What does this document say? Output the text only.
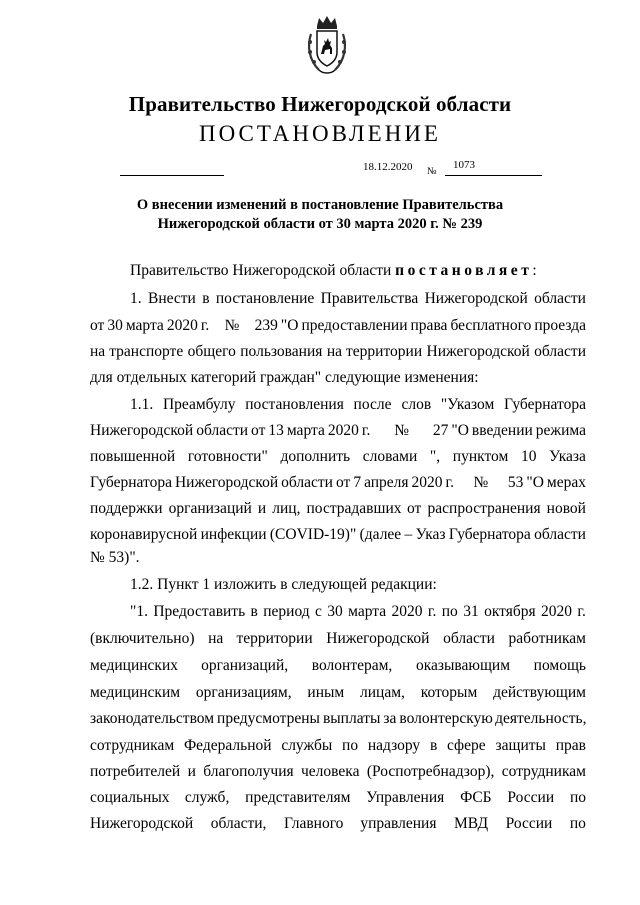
Правительство Нижегородской области
ПОСТАНОВЛЕНИЕ
18.12.2020 №
1073
О внесении изменений в постановление Правительства
Нижегородской области от 30 марта 2020 г. № 239
Правительство Нижегородской области постановляет:
1. Внести в постановление Правительства Нижегородской области
от 30 марта 2020 г. № 239 "О предоставлении права бесплатного проезда
на транспорте общего пользования на территории Нижегородской области
для отдельных категорий граждан" следующие изменения:
1.1. Преамбулу постановления после слов "Указом Губернатора
Нижегородской области от 13 марта 2020 г. № 27 "О введении режима
повышенной готовности" дополнить словами ", пунктом 10 Указа
Губернатора Нижегородской области от 7 апреля 2020 г. № 53 "О мерах
поддержки организаций и лиц, пострадавших от распространения новой
коронавирусной инфекции (COVID-19)" (далее – Указ Губернатора области
№ 53)".
1.2. Пункт 1 изложить в следующей редакции:
"1. Предоставить в период с 30 марта 2020 г. по 31 октября 2020 г.
(включительно) на территории Нижегородской области работникам
медицинских организаций, волонтерам, оказывающим помощь
медицинским организациям, иным лицам, которым действующим
законодательством предусмотрены выплаты за волонтерскую деятельность,
сотрудникам Федеральной службы по надзору в сфере защиты прав
потребителей и благополучия человека (Роспотребнадзор), сотрудникам
социальных служб, представителям Управления ФСБ России по
Нижегородской области, Главного управления МВД России по
